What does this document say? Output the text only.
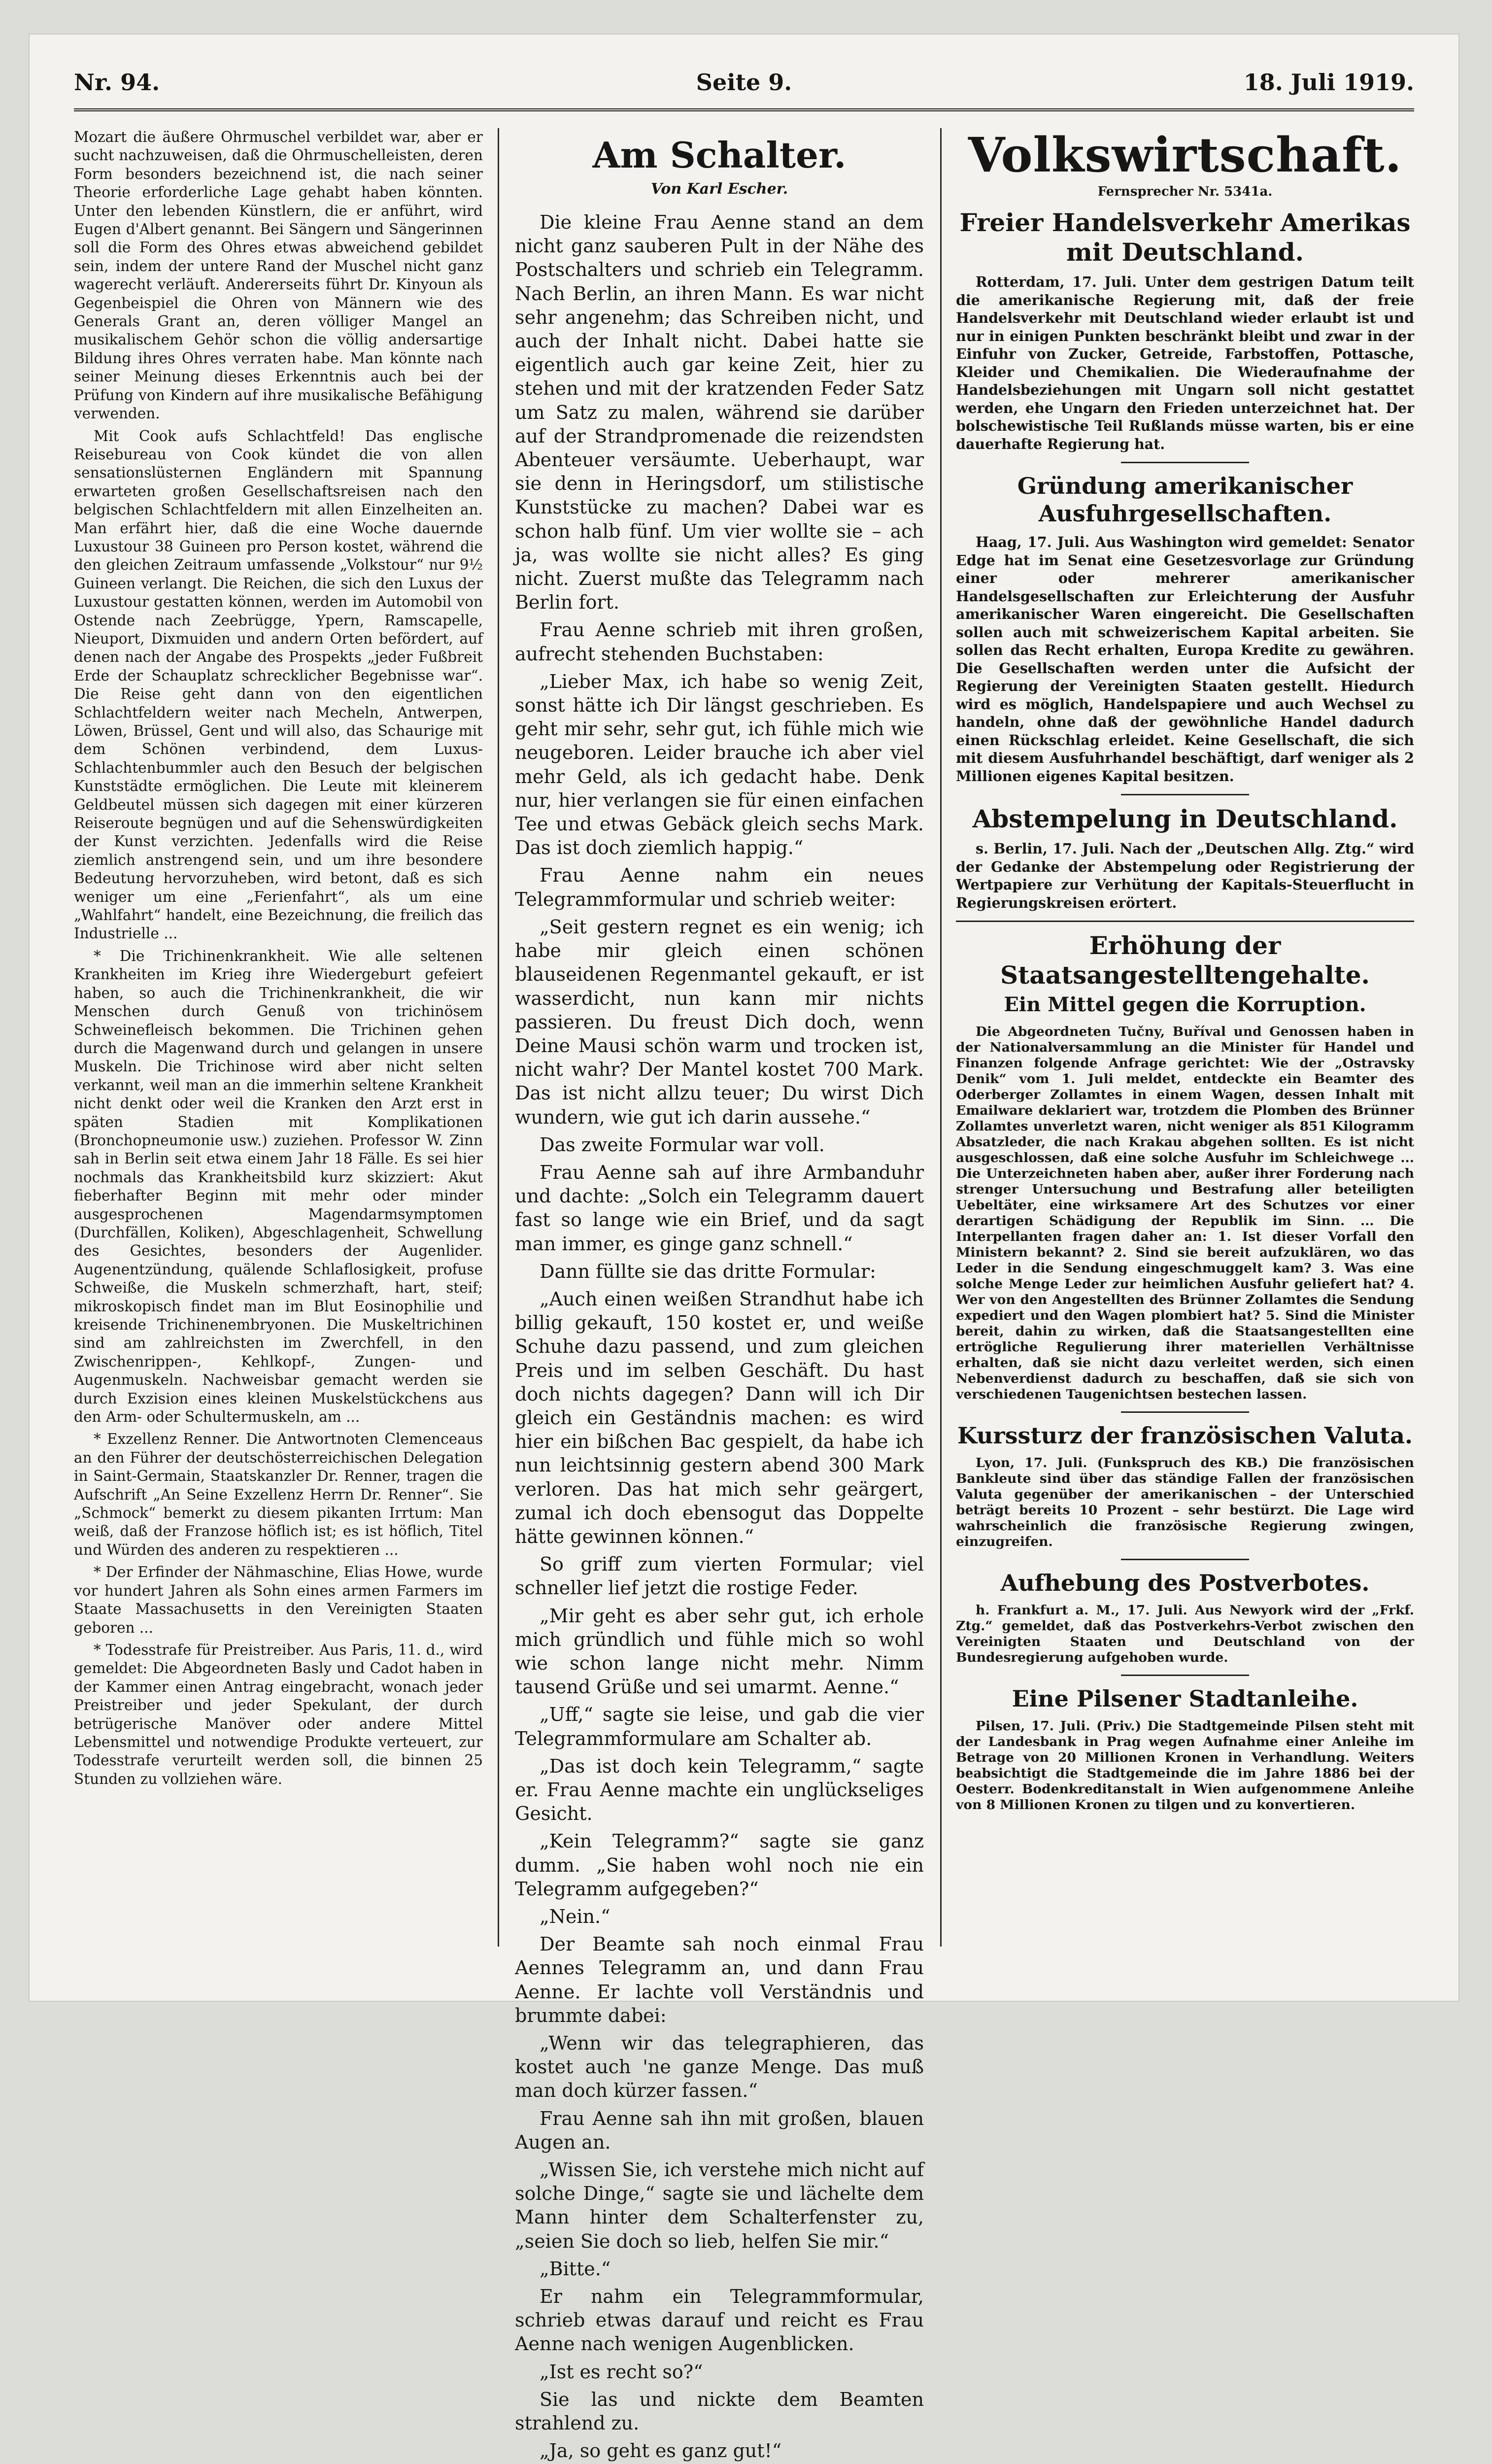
Nr. 94.	Seite 9.	18. Juli 1919.

Mozart die äußere Ohrmuschel verbildet war, aber er sucht nachzuweisen, daß die Ohrmuschelleisten, deren Form besonders bezeichnend ist, die nach seiner Theorie erforderliche Lage gehabt haben könnten. Unter den lebenden Künstlern, die er anführt, wird Eugen d'Albert genannt. Bei Sängern und Sängerinnen soll die Form des Ohres etwas abweichend gebildet sein, indem der untere Rand der Muschel nicht ganz wagerecht verläuft. Andererseits führt Dr. Kinyoun als Gegenbeispiel die Ohren von Männern wie des Generals Grant an, deren völliger Mangel an musikalischem Gehör schon die völlig andersartige Bildung ihres Ohres verraten habe. Man könnte nach seiner Meinung dieses Erkenntnis auch bei der Prüfung von Kindern auf ihre musikalische Befähigung verwenden.

Mit Cook aufs Schlachtfeld! Das englische Reisebureau von Cook kündet die von allen sensationslüsternen Engländern mit Spannung erwarteten großen Gesellschaftsreisen nach den belgischen Schlachtfeldern mit allen Einzelheiten an. Man erfährt hier, daß die eine Woche dauernde Luxustour 38 Guineen pro Person kostet, während die den gleichen Zeitraum umfassende „Volkstour“ nur 9½ Guineen verlangt. Die Reichen, die sich den Luxus der Luxustour gestatten können, werden im Automobil von Ostende nach Zeebrügge, Ypern, Ramscapelle, Nieuport, Dixmuiden und andern Orten befördert, auf denen nach der Angabe des Prospekts „jeder Fußbreit Erde der Schauplatz schrecklicher Begebnisse war“. Die Reise geht dann von den eigentlichen Schlachtfeldern weiter nach Mecheln, Antwerpen, Löwen, Brüssel, Gent und will also, das Schaurige mit dem Schönen verbindend, dem Luxus-Schlachtenbummler auch den Besuch der belgischen Kunststädte ermöglichen. Die Leute mit kleinerem Geldbeutel müssen sich dagegen mit einer kürzeren Reiseroute begnügen und auf die Sehenswürdigkeiten der Kunst verzichten. Jedenfalls wird die Reise ziemlich anstrengend sein, und um ihre besondere Bedeutung hervorzuheben, wird betont, daß es sich weniger um eine „Ferienfahrt“, als um eine „Wahlfahrt“ handelt, eine Bezeichnung, die freilich das Industrielle ...

* Die Trichinenkrankheit. Wie alle seltenen Krankheiten im Krieg ihre Wiedergeburt gefeiert haben, so auch die Trichinenkrankheit, die wir Menschen durch Genuß von trichinösem Schweinefleisch bekommen. Die Trichinen gehen durch die Magenwand durch und gelangen in unsere Muskeln. Die Trichinose wird aber nicht selten verkannt, weil man an die immerhin seltene Krankheit nicht denkt oder weil die Kranken den Arzt erst in späten Stadien mit Komplikationen (Bronchopneumonie usw.) zuziehen. Professor W. Zinn sah in Berlin seit etwa einem Jahr 18 Fälle. Es sei hier nochmals das Krankheitsbild kurz skizziert: Akut fieberhafter Beginn mit mehr oder minder ausgesprochenen Magendarmsymptomen (Durchfällen, Koliken), Abgeschlagenheit, Schwellung des Gesichtes, besonders der Augenlider. Augenentzündung, quälende Schlaflosigkeit, profuse Schweiße, die Muskeln schmerzhaft, hart, steif; mikroskopisch findet man im Blut Eosinophilie und kreisende Trichinenembryonen. Die Muskeltrichinen sind am zahlreichsten im Zwerchfell, in den Zwischenrippen-, Kehlkopf-, Zungen- und Augenmuskeln. Nachweisbar gemacht werden sie durch Exzision eines kleinen Muskelstückchens aus den Arm- oder Schultermuskeln, am ...

* Exzellenz Renner. Die Antwortnoten Clemenceaus an den Führer der deutschösterreichischen Delegation in Saint-Germain, Staatskanzler Dr. Renner, tragen die Aufschrift „An Seine Exzellenz Herrn Dr. Renner“. Sie „Schmock“ bemerkt zu diesem pikanten Irrtum: Man weiß, daß der Franzose höflich ist; es ist höflich, Titel und Würden des anderen zu respektieren ...

* Der Erfinder der Nähmaschine, Elias Howe, wurde vor hundert Jahren als Sohn eines armen Farmers im Staate Massachusetts in den Vereinigten Staaten geboren ...

* Todesstrafe für Preistreiber. Aus Paris, 11. d., wird gemeldet: Die Abgeordneten Basly und Cadot haben in der Kammer einen Antrag eingebracht, wonach jeder Preistreiber und jeder Spekulant, der durch betrügerische Manöver oder andere Mittel Lebensmittel und notwendige Produkte verteuert, zur Todesstrafe verurteilt werden soll, die binnen 25 Stunden zu vollziehen wäre.

Am Schalter.
Von Karl Escher.

Die kleine Frau Aenne stand an dem nicht ganz sauberen Pult in der Nähe des Postschalters und schrieb ein Telegramm. Nach Berlin, an ihren Mann. Es war nicht sehr angenehm; das Schreiben nicht, und auch der Inhalt nicht. Dabei hatte sie eigentlich auch gar keine Zeit, hier zu stehen und mit der kratzenden Feder Satz um Satz zu malen, während sie darüber auf der Strandpromenade die reizendsten Abenteuer versäumte. Ueberhaupt, war sie denn in Heringsdorf, um stilistische Kunststücke zu machen? Dabei war es schon halb fünf. Um vier wollte sie – ach ja, was wollte sie nicht alles? Es ging nicht. Zuerst mußte das Telegramm nach Berlin fort.

Frau Aenne schrieb mit ihren großen, aufrecht stehenden Buchstaben:

„Lieber Max, ich habe so wenig Zeit, sonst hätte ich Dir längst geschrieben. Es geht mir sehr, sehr gut, ich fühle mich wie neugeboren. Leider brauche ich aber viel mehr Geld, als ich gedacht habe. Denk nur, hier verlangen sie für einen einfachen Tee und etwas Gebäck gleich sechs Mark. Das ist doch ziemlich happig.“

Frau Aenne nahm ein neues Telegrammformular und schrieb weiter:

„Seit gestern regnet es ein wenig; ich habe mir gleich einen schönen blauseidenen Regenmantel gekauft, er ist wasserdicht, nun kann mir nichts passieren. Du freust Dich doch, wenn Deine Mausi schön warm und trocken ist, nicht wahr? Der Mantel kostet 700 Mark. Das ist nicht allzu teuer; Du wirst Dich wundern, wie gut ich darin aussehe.“

Das zweite Formular war voll.

Frau Aenne sah auf ihre Armbanduhr und dachte: „Solch ein Telegramm dauert fast so lange wie ein Brief, und da sagt man immer, es ginge ganz schnell.“

Dann füllte sie das dritte Formular:

„Auch einen weißen Strandhut habe ich billig gekauft, 150 kostet er, und weiße Schuhe dazu passend, und zum gleichen Preis und im selben Geschäft. Du hast doch nichts dagegen? Dann will ich Dir gleich ein Geständnis machen: es wird hier ein bißchen Bac gespielt, da habe ich nun leichtsinnig gestern abend 300 Mark verloren. Das hat mich sehr geärgert, zumal ich doch ebensogut das Doppelte hätte gewinnen können.“

So griff zum vierten Formular; viel schneller lief jetzt die rostige Feder.

„Mir geht es aber sehr gut, ich erhole mich gründlich und fühle mich so wohl wie schon lange nicht mehr. Nimm tausend Grüße und sei umarmt. Aenne.“

„Uff,“ sagte sie leise, und gab die vier Telegrammformulare am Schalter ab.

„Das ist doch kein Telegramm,“ sagte er. Frau Aenne machte ein unglückseliges Gesicht.

„Kein Telegramm?“ sagte sie ganz dumm. „Sie haben wohl noch nie ein Telegramm aufgegeben?“

„Nein.“

Der Beamte sah noch einmal Frau Aennes Telegramm an, und dann Frau Aenne. Er lachte voll Verständnis und brummte dabei:

„Wenn wir das telegraphieren, das kostet auch 'ne ganze Menge. Das muß man doch kürzer fassen.“

Frau Aenne sah ihn mit großen, blauen Augen an.

„Wissen Sie, ich verstehe mich nicht auf solche Dinge,“ sagte sie und lächelte dem Mann hinter dem Schalterfenster zu, „seien Sie doch so lieb, helfen Sie mir.“

„Bitte.“

Er nahm ein Telegrammformular, schrieb etwas darauf und reicht es Frau Aenne nach wenigen Augenblicken.

„Ist es recht so?“

Sie las und nickte dem Beamten strahlend zu.

„Ja, so geht es ganz gut!“

Volkswirtschaft.
Fernsprecher Nr. 5341a.
Freier Handelsverkehr Amerikas mit Deutschland.

Rotterdam, 17. Juli. Unter dem gestrigen Datum teilt die amerikanische Regierung mit, daß der freie Handelsverkehr mit Deutschland wieder erlaubt ist und nur in einigen Punkten beschränkt bleibt und zwar in der Einfuhr von Zucker, Getreide, Farbstoffen, Pottasche, Kleider und Chemikalien. Die Wiederaufnahme der Handelsbeziehungen mit Ungarn soll nicht gestattet werden, ehe Ungarn den Frieden unterzeichnet hat. Der bolschewistische Teil Rußlands müsse warten, bis er eine dauerhafte Regierung hat.

Gründung amerikanischer Ausfuhrgesellschaften.

Haag, 17. Juli. Aus Washington wird gemeldet: Senator Edge hat im Senat eine Gesetzesvorlage zur Gründung einer oder mehrerer amerikanischer Handelsgesellschaften zur Erleichterung der Ausfuhr amerikanischer Waren eingereicht. Die Gesellschaften sollen auch mit schweizerischem Kapital arbeiten. Sie sollen das Recht erhalten, Europa Kredite zu gewähren. Die Gesellschaften werden unter die Aufsicht der Regierung der Vereinigten Staaten gestellt. Hiedurch wird es möglich, Handelspapiere und auch Wechsel zu handeln, ohne daß der gewöhnliche Handel dadurch einen Rückschlag erleidet. Keine Gesellschaft, die sich mit diesem Ausfuhrhandel beschäftigt, darf weniger als 2 Millionen eigenes Kapital besitzen.

Abstempelung in Deutschland.

s. Berlin, 17. Juli. Nach der „Deutschen Allg. Ztg.“ wird der Gedanke der Abstempelung oder Registrierung der Wertpapiere zur Verhütung der Kapitals-Steuerflucht in Regierungskreisen erörtert.

Erhöhung der Staatsangestelltengehalte.
Ein Mittel gegen die Korruption.

Die Abgeordneten Tučny, Buříval und Genossen haben in der Nationalversammlung an die Minister für Handel und Finanzen folgende Anfrage gerichtet: Wie der „Ostravsky Denik“ vom 1. Juli meldet, entdeckte ein Beamter des Oderberger Zollamtes in einem Wagen, dessen Inhalt mit Emailware deklariert war, trotzdem die Plomben des Brünner Zollamtes unverletzt waren, nicht weniger als 851 Kilogramm Absatzleder, die nach Krakau abgehen sollten. Es ist nicht ausgeschlossen, daß eine solche Ausfuhr im Schleichwege ... Die Unterzeichneten haben aber, außer ihrer Forderung nach strenger Untersuchung und Bestrafung aller beteiligten Uebeltäter, eine wirksamere Art des Schutzes vor einer derartigen Schädigung der Republik im Sinn. ... Die Interpellanten fragen daher an: 1. Ist dieser Vorfall den Ministern bekannt? 2. Sind sie bereit aufzuklären, wo das Leder in die Sendung eingeschmuggelt kam? 3. Was eine solche Menge Leder zur heimlichen Ausfuhr geliefert hat? 4. Wer von den Angestellten des Brünner Zollamtes die Sendung expediert und den Wagen plombiert hat? 5. Sind die Minister bereit, dahin zu wirken, daß die Staatsangestellten eine ertrögliche Regulierung ihrer materiellen Verhältnisse erhalten, daß sie nicht dazu verleitet werden, sich einen Nebenverdienst dadurch zu beschaffen, daß sie sich von verschiedenen Taugenichtsen bestechen lassen.

Kurssturz der französischen Valuta.

Lyon, 17. Juli. (Funkspruch des KB.) Die französischen Bankleute sind über das ständige Fallen der französischen Valuta gegenüber der amerikanischen – der Unterschied beträgt bereits 10 Prozent – sehr bestürzt. Die Lage wird wahrscheinlich die französische Regierung zwingen, einzugreifen.

Aufhebung des Postverbotes.

h. Frankfurt a. M., 17. Juli. Aus Newyork wird der „Frkf. Ztg.“ gemeldet, daß das Postverkehrs-Verbot zwischen den Vereinigten Staaten und Deutschland von der Bundesregierung aufgehoben wurde.

Eine Pilsener Stadtanleihe.

Pilsen, 17. Juli. (Priv.) Die Stadtgemeinde Pilsen steht mit der Landesbank in Prag wegen Aufnahme einer Anleihe im Betrage von 20 Millionen Kronen in Verhandlung. Weiters beabsichtigt die Stadtgemeinde die im Jahre 1886 bei der Oesterr. Bodenkreditanstalt in Wien aufgenommene Anleihe von 8 Millionen Kronen zu tilgen und zu konvertieren.
